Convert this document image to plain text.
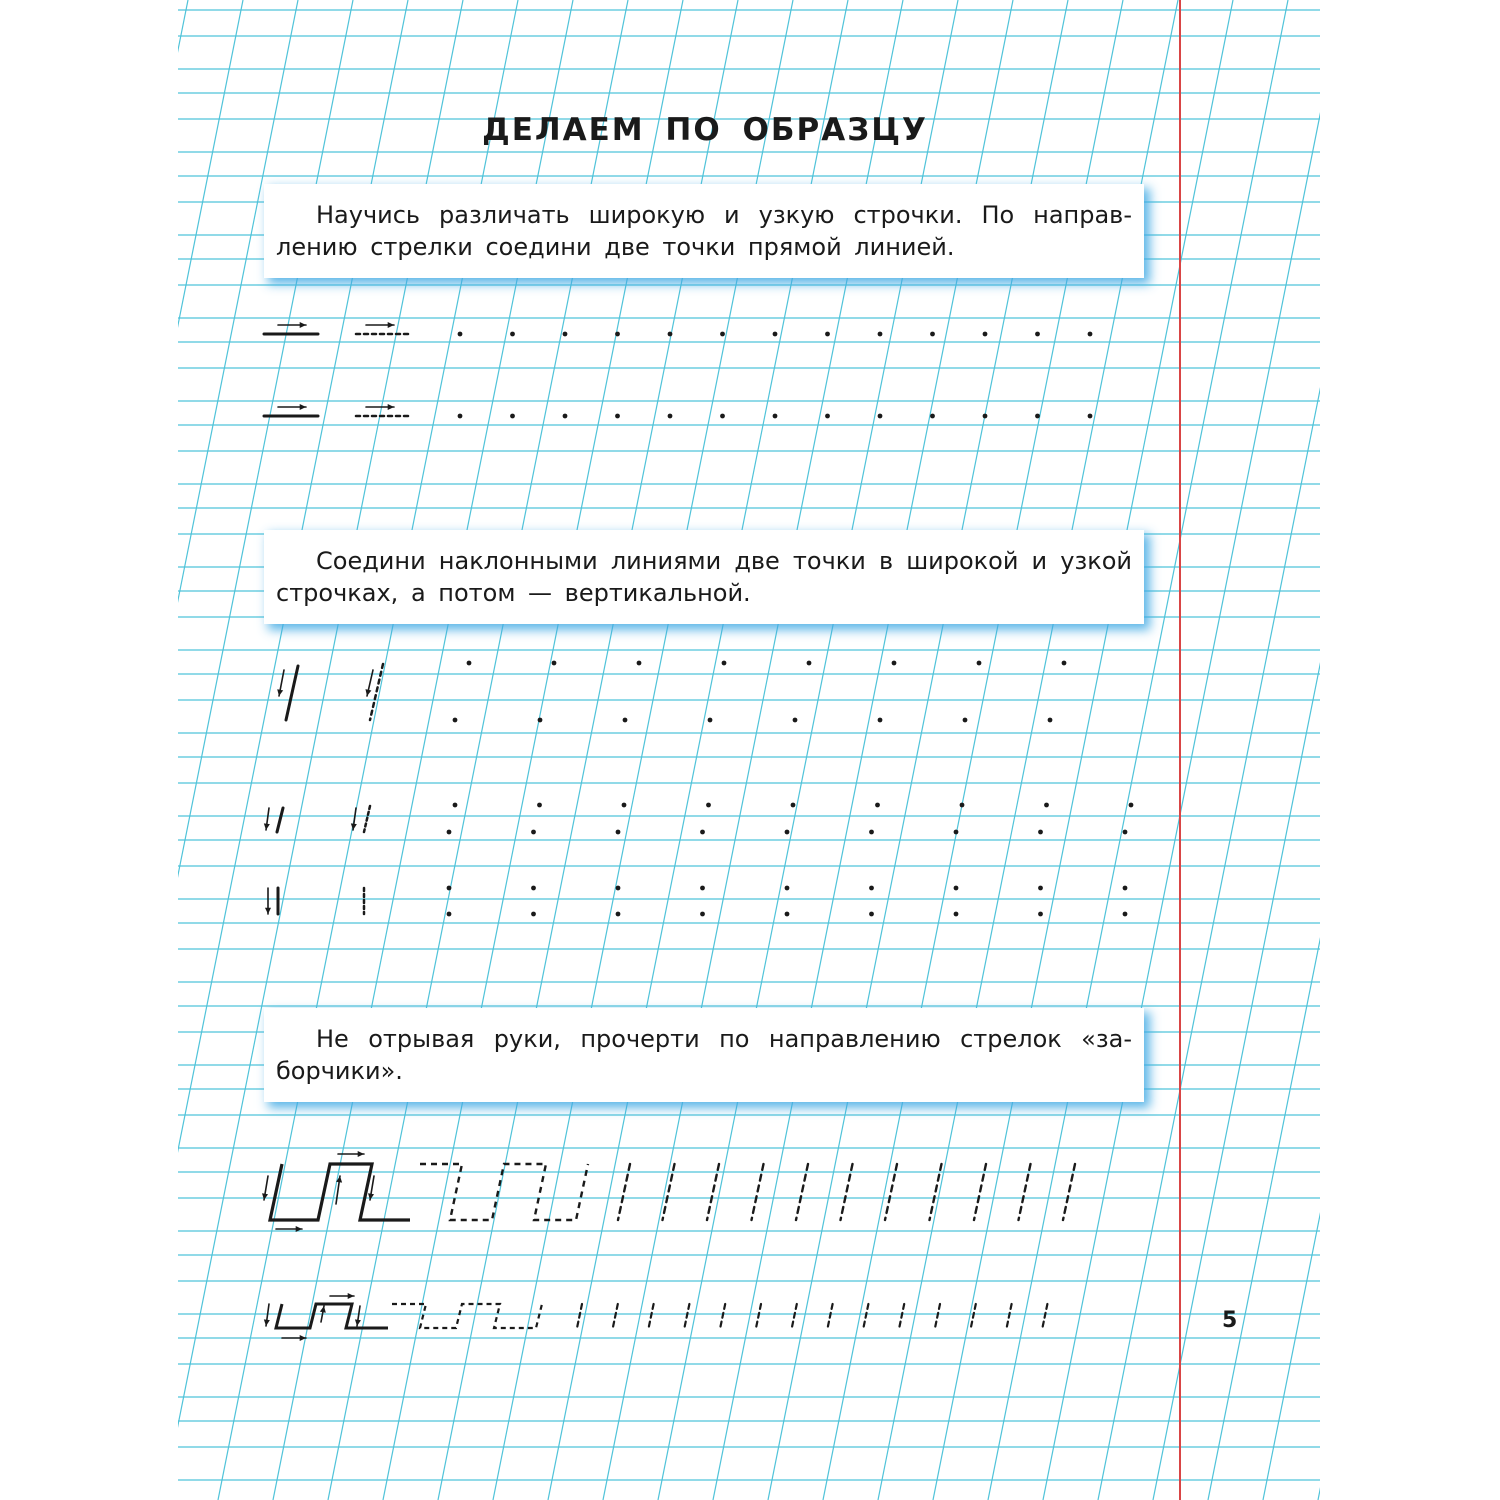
ДЕЛАЕМ ПО ОБРАЗЦУ

Научись различать широкую и узкую строчки. По направлению стрелки соедини две точки прямой линией.

Соедини наклонными линиями две точки в широкой и узкой строчках, а потом — вертикальной.

Не отрывая руки, прочерти по направлению стрелок «заборчики».

5
